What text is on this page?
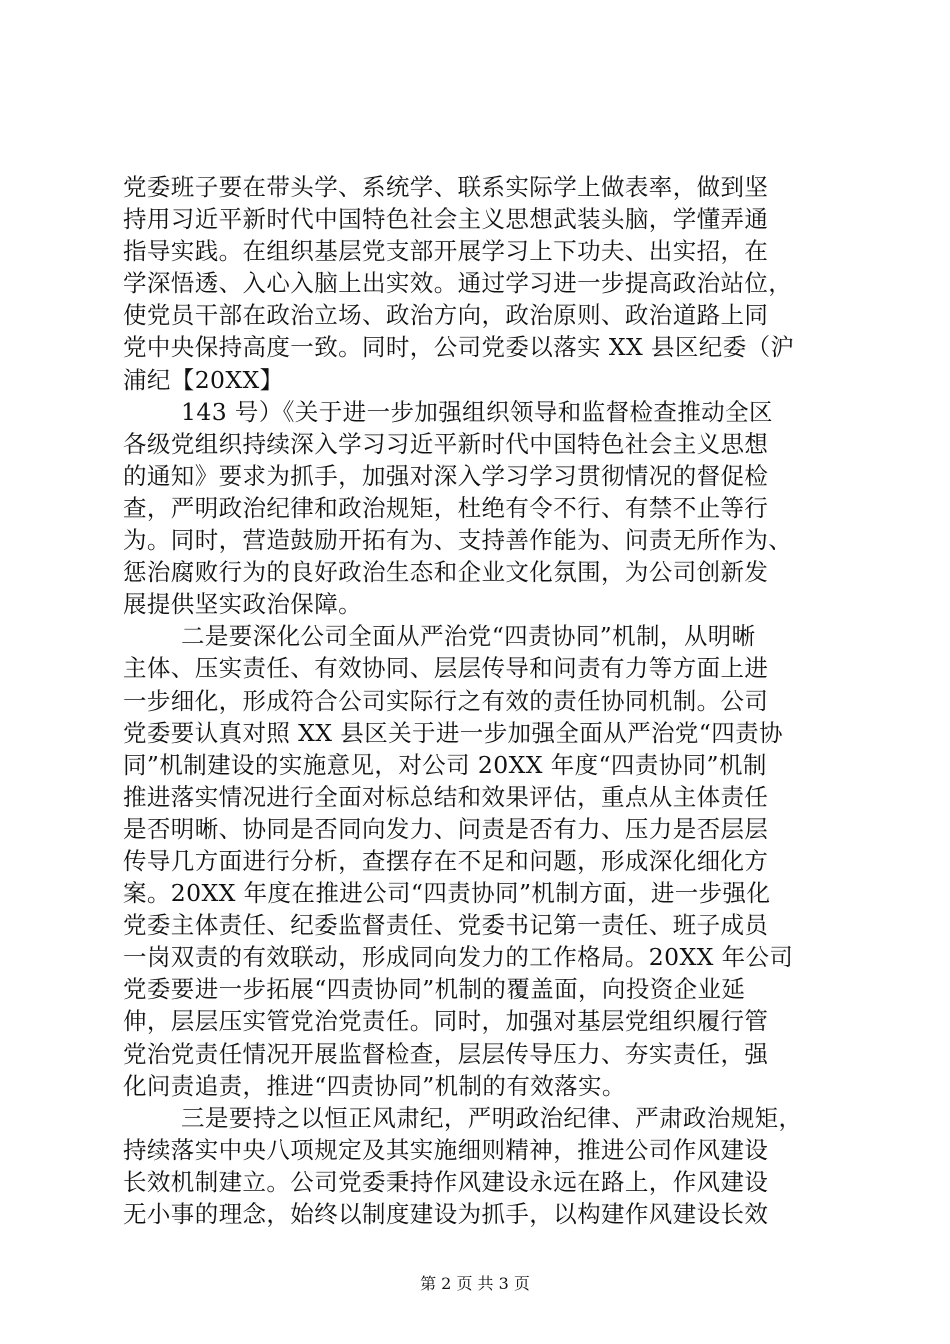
党委班子要在带头学、系统学、联系实际学上做表率，做到坚
持用习近平新时代中国特色社会主义思想武装头脑，学懂弄通
指导实践。在组织基层党支部开展学习上下功夫、出实招，在
学深悟透、入心入脑上出实效。通过学习进一步提高政治站位，
使党员干部在政治立场、政治方向，政治原则、政治道路上同
党中央保持高度一致。同时，公司党委以落实 XX 县区纪委（沪
浦纪【20XX】
143 号）《关于进一步加强组织领导和监督检查推动全区
各级党组织持续深入学习习近平新时代中国特色社会主义思想
的通知》要求为抓手，加强对深入学习学习贯彻情况的督促检
查，严明政治纪律和政治规矩，杜绝有令不行、有禁不止等行
为。同时，营造鼓励开拓有为、支持善作能为、问责无所作为、
惩治腐败行为的良好政治生态和企业文化氛围，为公司创新发
展提供坚实政治保障。
二是要深化公司全面从严治党“四责协同”机制，从明晰
主体、压实责任、有效协同、层层传导和问责有力等方面上进
一步细化，形成符合公司实际行之有效的责任协同机制。公司
党委要认真对照 XX 县区关于进一步加强全面从严治党“四责协
同”机制建设的实施意见，对公司 20XX 年度“四责协同”机制
推进落实情况进行全面对标总结和效果评估，重点从主体责任
是否明晰、协同是否同向发力、问责是否有力、压力是否层层
传导几方面进行分析，查摆存在不足和问题，形成深化细化方
案。20XX 年度在推进公司“四责协同”机制方面，进一步强化
党委主体责任、纪委监督责任、党委书记第一责任、班子成员
一岗双责的有效联动，形成同向发力的工作格局。20XX 年公司
党委要进一步拓展“四责协同”机制的覆盖面，向投资企业延
伸，层层压实管党治党责任。同时，加强对基层党组织履行管
党治党责任情况开展监督检查，层层传导压力、夯实责任，强
化问责追责，推进“四责协同”机制的有效落实。
三是要持之以恒正风肃纪，严明政治纪律、严肃政治规矩，
持续落实中央八项规定及其实施细则精神，推进公司作风建设
长效机制建立。公司党委秉持作风建设永远在路上，作风建设
无小事的理念，始终以制度建设为抓手，以构建作风建设长效
第 2 页 共 3 页
